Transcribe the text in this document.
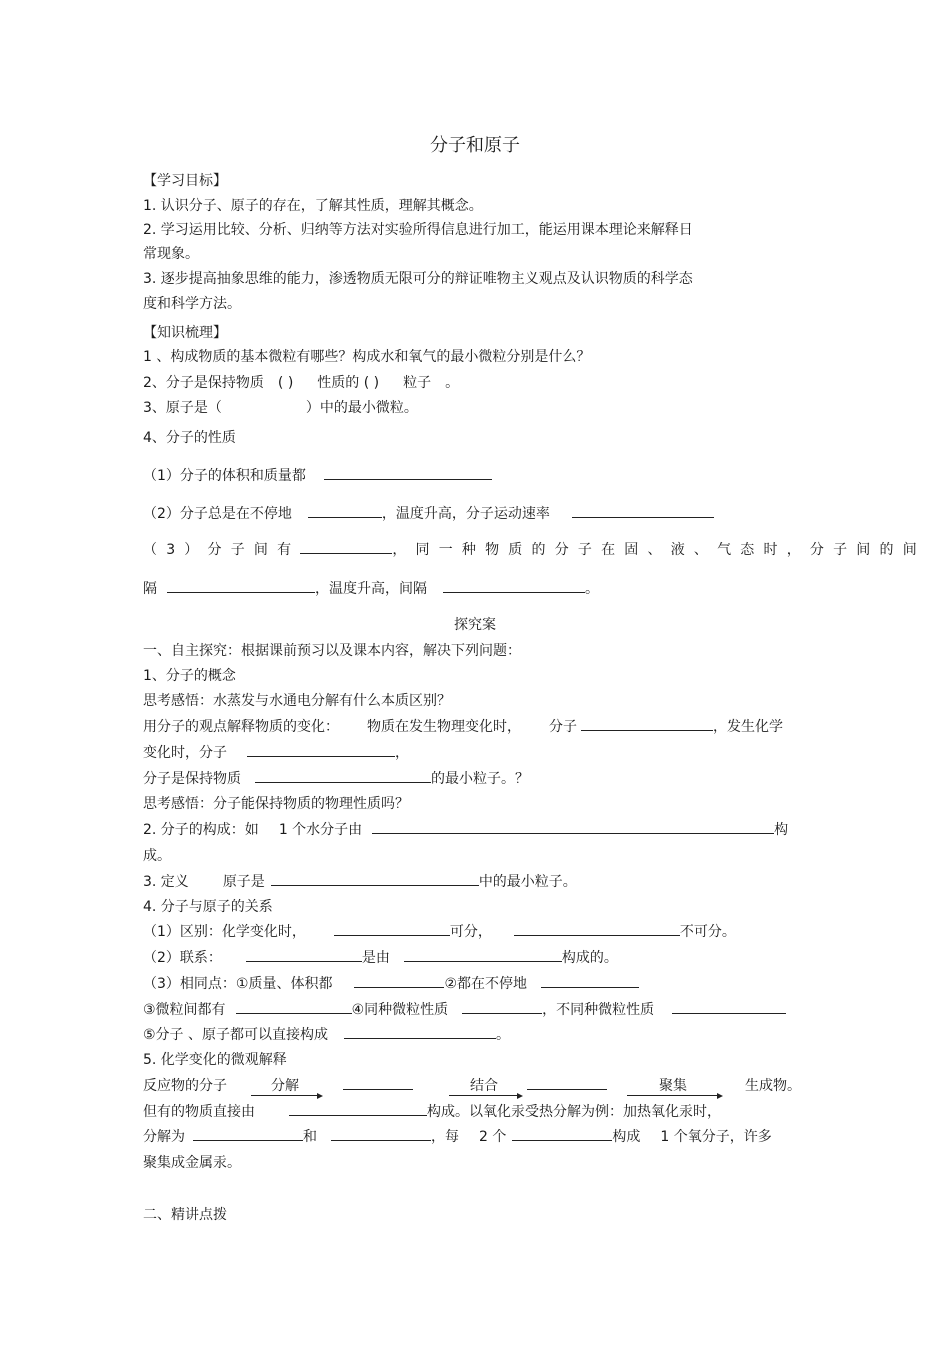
分子和原子
【学习目标】
1. 认识分子、原子的存在，了解其性质，理解其概念。
2. 学习运用比较、分析、归纳等方法对实验所得信息进行加工，能运用课本理论来解释日
常现象。
3. 逐步提高抽象思维的能力，渗透物质无限可分的辩证唯物主义观点及认识物质的科学态
度和科学方法。
【知识梳理】
1 、构成物质的基本微粒有哪些？构成水和氧气的最小微粒分别是什么？
2、分子是保持物质 ( ) 性质的 ( ) 粒子 。
3、原子是（	）中的最小微粒。
4、分子的性质
（1）分子的体积和质量都
（2）分子总是在不停地	，温度升高，分子运动速率
（3）分子间有	，同一种物质的分子在固、液、气态时，分子间的间
隔	，温度升高，间隔	。
探究案
一、自主探究：根据课前预习以及课本内容，解决下列问题：
1、分子的概念
思考感悟：水蒸发与水通电分解有什么本质区别？
用分子的观点解释物质的变化： 物质在发生物理变化时， 分子	，发生化学
变化时，分子	，
分子是保持物质	的最小粒子。？
思考感悟：分子能保持物质的物理性质吗？
2. 分子的构成：如 1 个水分子由	构
成。
3. 定义 原子是	中的最小粒子。
4. 分子与原子的关系
（1）区别：化学变化时，	可分，	不可分。
（2）联系：	是由	构成的。
（3）相同点：①质量、体积都	②都在不停地
③微粒间都有	④同种微粒性质	，不同种微粒性质
⑤分子 、原子都可以直接构成	。
5. 化学变化的微观解释
反应物的分子	分解	结合	聚集	生成物。
但有的物质直接由	构成。以氧化汞受热分解为例：加热氧化汞时，
分解为	和	，每 2 个	构成 1 个氧分子，许多
聚集成金属汞。
二、精讲点拨
